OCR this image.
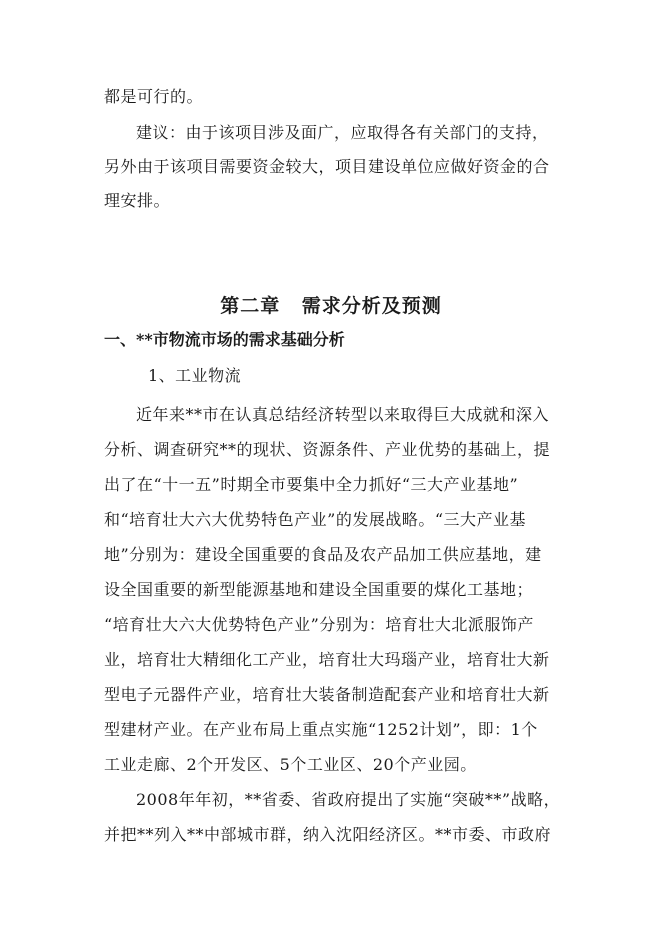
都是可行的。
建议：由于该项目涉及面广，应取得各有关部门的支持，
另外由于该项目需要资金较大，项目建设单位应做好资金的合
理安排。
第二章 需求分析及预测
一、**市物流市场的需求基础分析
1、工业物流
近年来**市在认真总结经济转型以来取得巨大成就和深入
分析、调查研究**的现状、资源条件、产业优势的基础上，提
出了在“十一五”时期全市要集中全力抓好“三大产业基地”
和“培育壮大六大优势特色产业”的发展战略。“三大产业基
地”分别为：建设全国重要的食品及农产品加工供应基地，建
设全国重要的新型能源基地和建设全国重要的煤化工基地；
“培育壮大六大优势特色产业”分别为：培育壮大北派服饰产
业，培育壮大精细化工产业，培育壮大玛瑙产业，培育壮大新
型电子元器件产业，培育壮大装备制造配套产业和培育壮大新
型建材产业。在产业布局上重点实施“1252计划”，即：1个
工业走廊、2个开发区、5个工业区、20个产业园。
2008年年初，**省委、省政府提出了实施“突破**”战略，
并把**列入**中部城市群，纳入沈阳经济区。**市委、市政府
